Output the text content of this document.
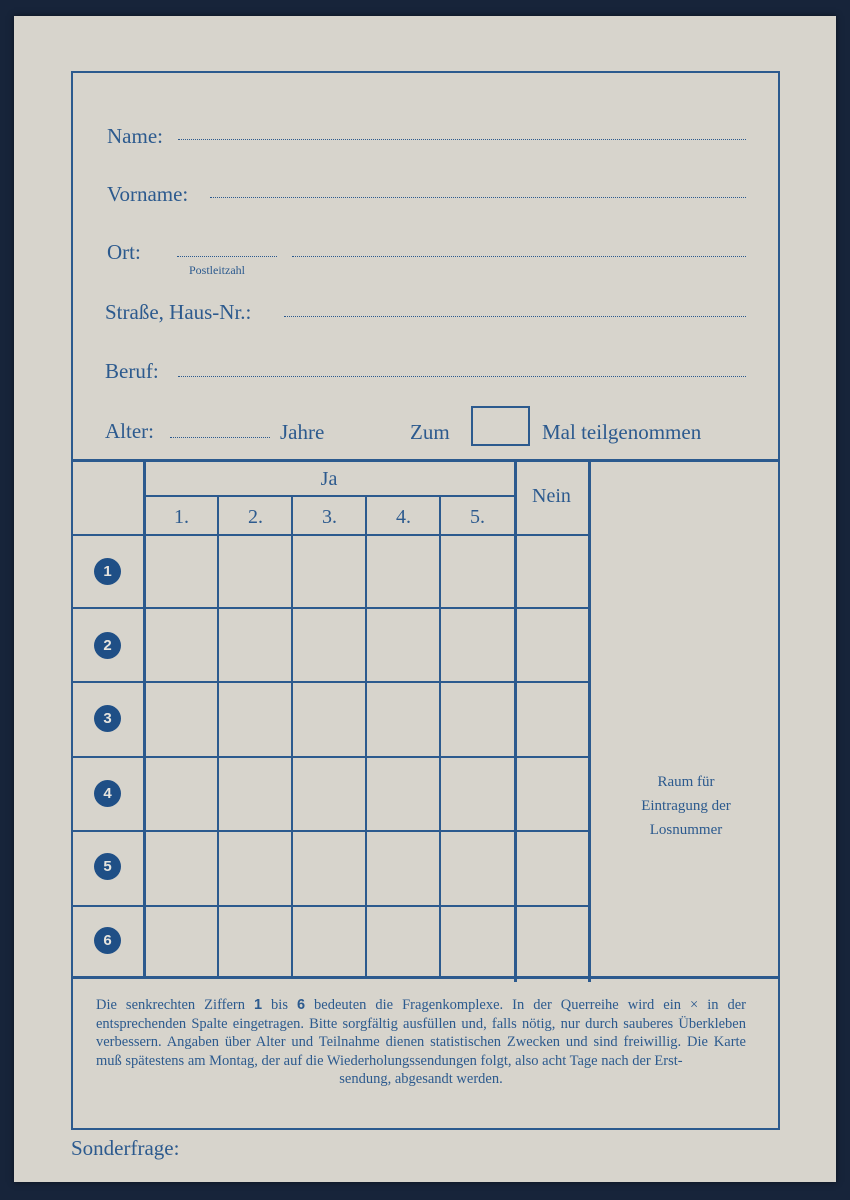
Name:
Vorname:
Ort:
Postleitzahl
Straße, Haus-Nr.:
Beruf:
Alter:	Jahre	Zum	Mal teilgenommen
Ja
Nein
1.	2.	3.	4.	5.
1
2
3
4
5
6
Raum für
Eintragung der
Losnummer
Die senkrechten Ziffern 1 bis 6 bedeuten die Fragenkomplexe. In der Querreihe wird ein × in der entsprechenden Spalte eingetragen. Bitte sorgfältig ausfüllen und, falls nötig, nur durch sauberes Überkleben verbessern. Angaben über Alter und Teilnahme dienen statistischen Zwecken und sind freiwillig. Die Karte muß spätestens am Montag, der auf die Wiederholungssendungen folgt, also acht Tage nach der Erst-
sendung, abgesandt werden.
Sonderfrage:
